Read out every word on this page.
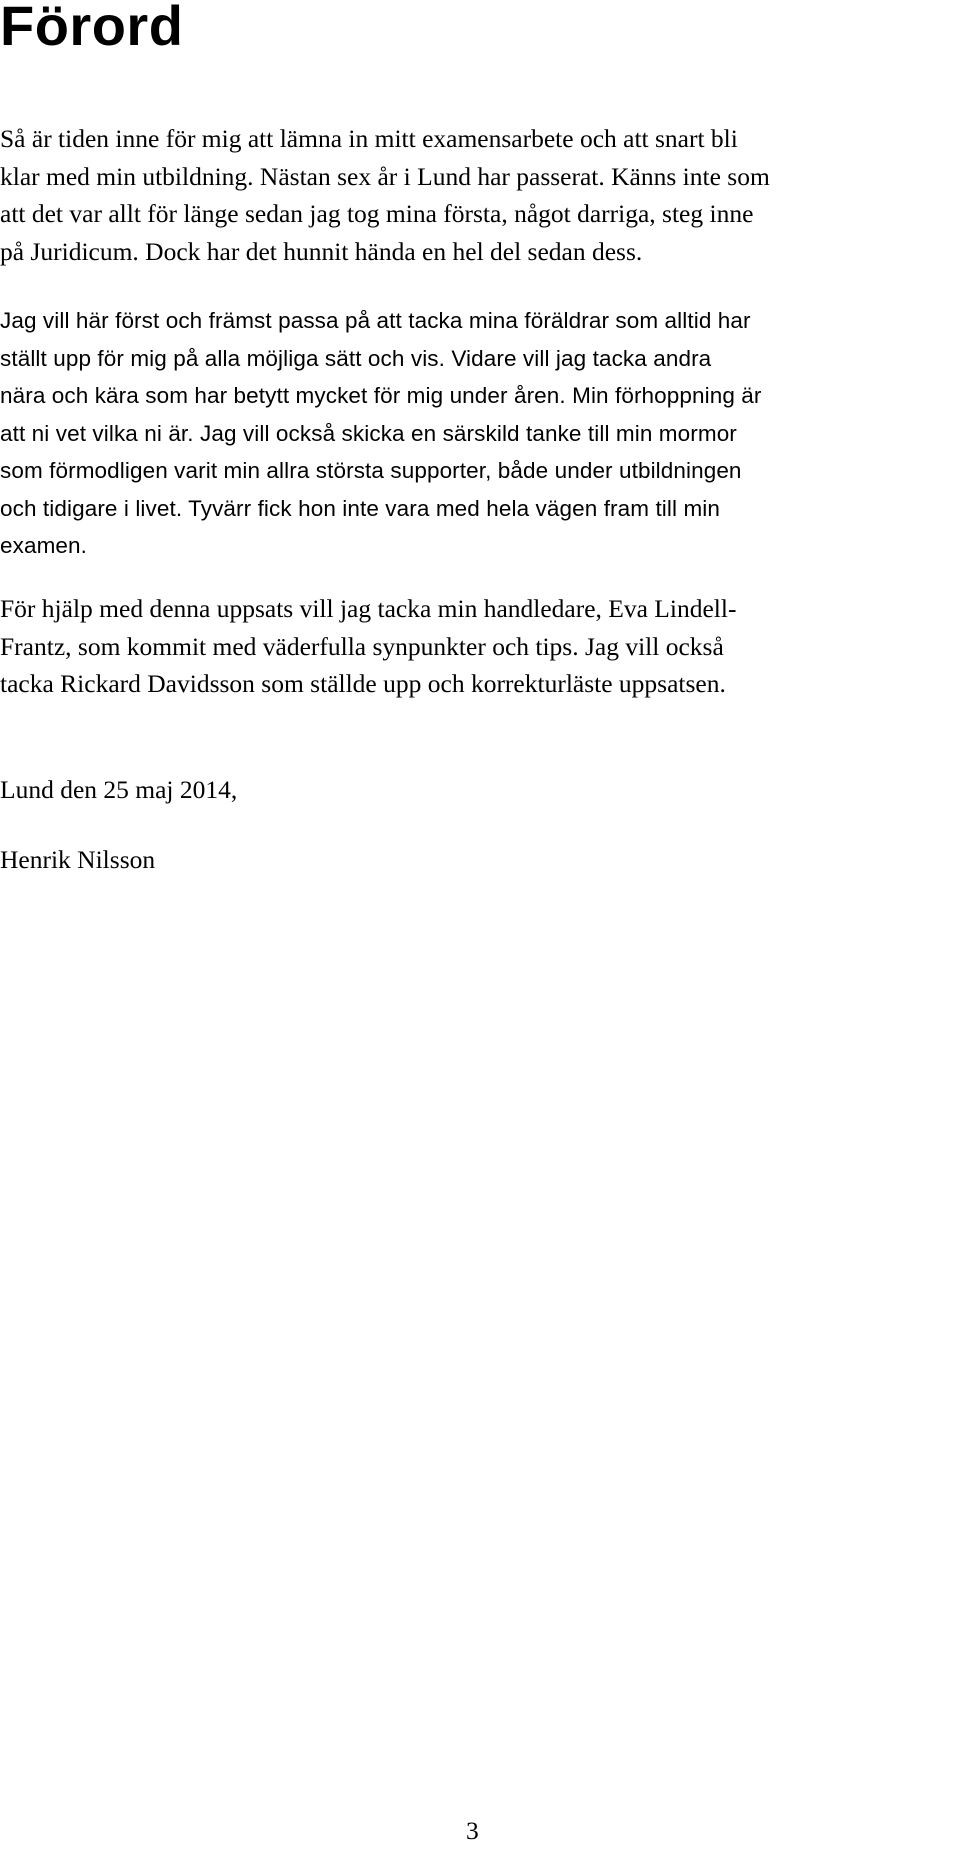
Förord

Så är tiden inne för mig att lämna in mitt examensarbete och att snart bli
klar med min utbildning. Nästan sex år i Lund har passerat. Känns inte som
att det var allt för länge sedan jag tog mina första, något darriga, steg inne
på Juridicum. Dock har det hunnit hända en hel del sedan dess.

Jag vill här först och främst passa på att tacka mina föräldrar som alltid har
ställt upp för mig på alla möjliga sätt och vis. Vidare vill jag tacka andra
nära och kära som har betytt mycket för mig under åren. Min förhoppning är
att ni vet vilka ni är. Jag vill också skicka en särskild tanke till min mormor
som förmodligen varit min allra största supporter, både under utbildningen
och tidigare i livet. Tyvärr fick hon inte vara med hela vägen fram till min
examen.

För hjälp med denna uppsats vill jag tacka min handledare, Eva Lindell-
Frantz, som kommit med väderfulla synpunkter och tips. Jag vill också
tacka Rickard Davidsson som ställde upp och korrekturläste uppsatsen.

Lund den 25 maj 2014,

Henrik Nilsson

3
